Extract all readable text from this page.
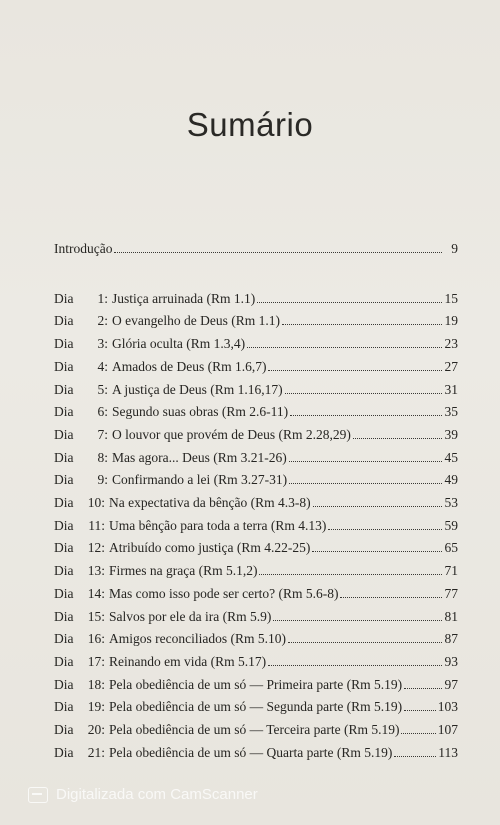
Sumário
Introdução	9
Dia	1: Justiça arruinada (Rm 1.1)	15
Dia	2: O evangelho de Deus (Rm 1.1)	19
Dia	3: Glória oculta (Rm 1.3,4)	23
Dia	4: Amados de Deus (Rm 1.6,7)	27
Dia	5: A justiça de Deus (Rm 1.16,17)	31
Dia	6: Segundo suas obras (Rm 2.6-11)	35
Dia	7: O louvor que provém de Deus (Rm 2.28,29)	39
Dia	8: Mas agora... Deus (Rm 3.21-26)	45
Dia	9: Confirmando a lei (Rm 3.27-31)	49
Dia	10: Na expectativa da bênção (Rm 4.3-8)	53
Dia	11: Uma bênção para toda a terra (Rm 4.13)	59
Dia	12: Atribuído como justiça (Rm 4.22-25)	65
Dia	13: Firmes na graça (Rm 5.1,2)	71
Dia	14: Mas como isso pode ser certo? (Rm 5.6-8)	77
Dia	15: Salvos por ele da ira (Rm 5.9)	81
Dia	16: Amigos reconciliados (Rm 5.10)	87
Dia	17: Reinando em vida (Rm 5.17)	93
Dia	18: Pela obediência de um só — Primeira parte (Rm 5.19)	97
Dia	19: Pela obediência de um só — Segunda parte (Rm 5.19)	103
Dia	20: Pela obediência de um só — Terceira parte (Rm 5.19)	107
Dia	21: Pela obediência de um só — Quarta parte (Rm 5.19)	113
Digitalizada com CamScanner
